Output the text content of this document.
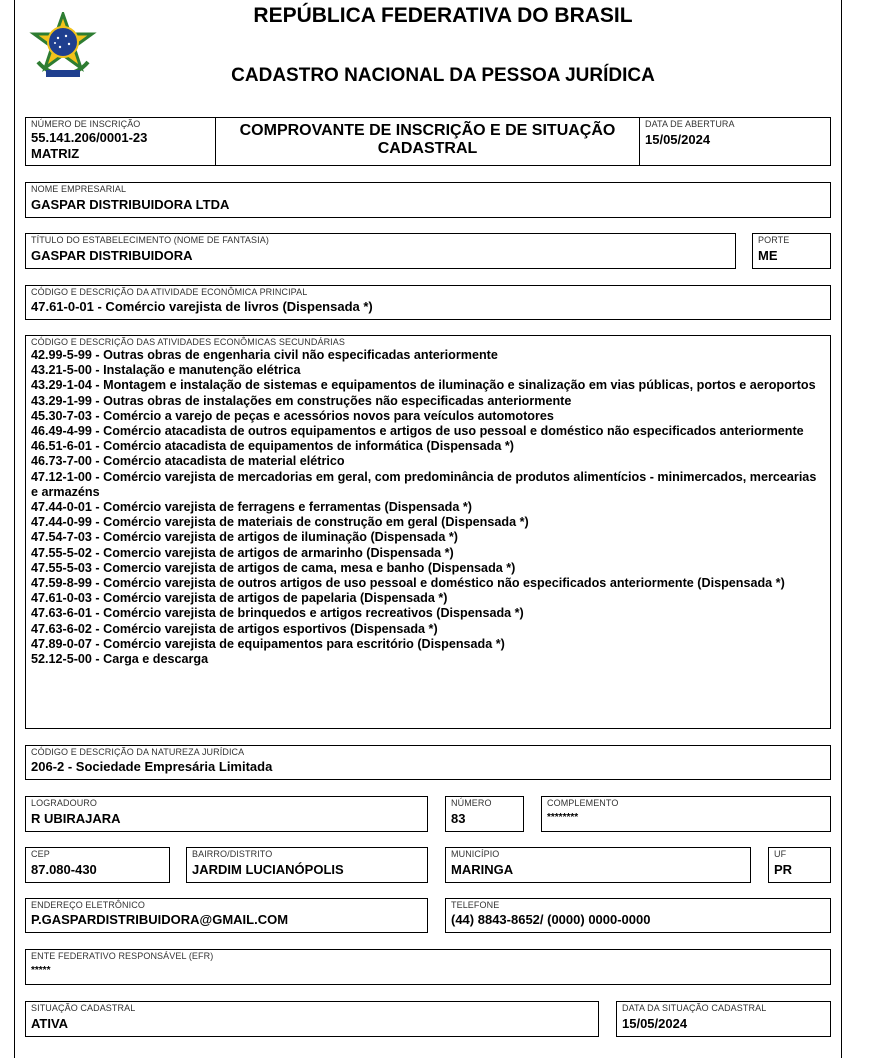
REPÚBLICA FEDERATIVA DO BRASIL
CADASTRO NACIONAL DA PESSOA JURÍDICA
NÚMERO DE INSCRIÇÃO
55.141.206/0001-23
MATRIZ
COMPROVANTE DE INSCRIÇÃO E DE SITUAÇÃO CADASTRAL
DATA DE ABERTURA
15/05/2024
NOME EMPRESARIAL
GASPAR DISTRIBUIDORA LTDA
TÍTULO DO ESTABELECIMENTO (NOME DE FANTASIA)
GASPAR DISTRIBUIDORA
PORTE
ME
CÓDIGO E DESCRIÇÃO DA ATIVIDADE ECONÔMICA PRINCIPAL
47.61-0-01 - Comércio varejista de livros (Dispensada *)
CÓDIGO E DESCRIÇÃO DAS ATIVIDADES ECONÔMICAS SECUNDÁRIAS
42.99-5-99 - Outras obras de engenharia civil não especificadas anteriormente
43.21-5-00 - Instalação e manutenção elétrica
43.29-1-04 - Montagem e instalação de sistemas e equipamentos de iluminação e sinalização em vias públicas, portos e aeroportos
43.29-1-99 - Outras obras de instalações em construções não especificadas anteriormente
45.30-7-03 - Comércio a varejo de peças e acessórios novos para veículos automotores
46.49-4-99 - Comércio atacadista de outros equipamentos e artigos de uso pessoal e doméstico não especificados anteriormente
46.51-6-01 - Comércio atacadista de equipamentos de informática (Dispensada *)
46.73-7-00 - Comércio atacadista de material elétrico
47.12-1-00 - Comércio varejista de mercadorias em geral, com predominância de produtos alimentícios - minimercados, mercearias e armazéns
47.44-0-01 - Comércio varejista de ferragens e ferramentas (Dispensada *)
47.44-0-99 - Comércio varejista de materiais de construção em geral (Dispensada *)
47.54-7-03 - Comércio varejista de artigos de iluminação (Dispensada *)
47.55-5-02 - Comercio varejista de artigos de armarinho (Dispensada *)
47.55-5-03 - Comercio varejista de artigos de cama, mesa e banho (Dispensada *)
47.59-8-99 - Comércio varejista de outros artigos de uso pessoal e doméstico não especificados anteriormente (Dispensada *)
47.61-0-03 - Comércio varejista de artigos de papelaria (Dispensada *)
47.63-6-01 - Comércio varejista de brinquedos e artigos recreativos (Dispensada *)
47.63-6-02 - Comércio varejista de artigos esportivos (Dispensada *)
47.89-0-07 - Comércio varejista de equipamentos para escritório (Dispensada *)
52.12-5-00 - Carga e descarga
CÓDIGO E DESCRIÇÃO DA NATUREZA JURÍDICA
206-2 - Sociedade Empresária Limitada
LOGRADOURO
R UBIRAJARA
NÚMERO
83
COMPLEMENTO
********
CEP
87.080-430
BAIRRO/DISTRITO
JARDIM LUCIANÓPOLIS
MUNICÍPIO
MARINGA
UF
PR
ENDEREÇO ELETRÔNICO
P.GASPARDISTRIBUIDORA@GMAIL.COM
TELEFONE
(44) 8843-8652/ (0000) 0000-0000
ENTE FEDERATIVO RESPONSÁVEL (EFR)
*****
SITUAÇÃO CADASTRAL
ATIVA
DATA DA SITUAÇÃO CADASTRAL
15/05/2024
